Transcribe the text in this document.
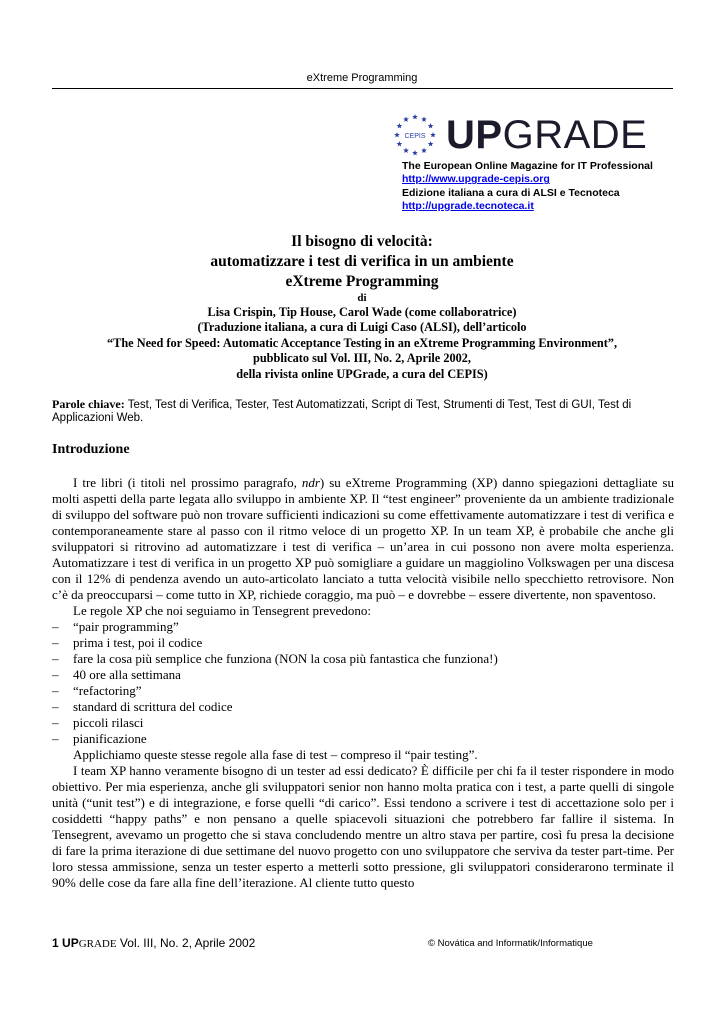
eXtreme Programming
CEPIS UPGRADE
The European Online Magazine for IT Professional
http://www.upgrade-cepis.org
Edizione italiana a cura di ALSI e Tecnoteca
http://upgrade.tecnoteca.it
Il bisogno di velocità:
automatizzare i test di verifica in un ambiente
eXtreme Programming
di
Lisa Crispin, Tip House, Carol Wade (come collaboratrice)
(Traduzione italiana, a cura di Luigi Caso (ALSI), dell’articolo
“The Need for Speed: Automatic Acceptance Testing in an eXtreme Programming Environment”,
pubblicato sul Vol. III, No. 2, Aprile 2002,
della rivista online UPGrade, a cura del CEPIS)
Parole chiave: Test, Test di Verifica, Tester, Test Automatizzati, Script di Test, Strumenti di Test, Test di GUI, Test di Applicazioni Web.
Introduzione

I tre libri (i titoli nel prossimo paragrafo, ndr) su eXtreme Programming (XP) danno spiegazioni dettagliate su molti aspetti della parte legata allo sviluppo in ambiente XP. Il “test engineer” proveniente da un ambiente tradizionale di sviluppo del software può non trovare sufficienti indicazioni su come effettivamente automatizzare i test di verifica e contemporaneamente stare al passo con il ritmo veloce di un progetto XP. In un team XP, è probabile che anche gli sviluppatori si ritrovino ad automatizzare i test di verifica – un’area in cui possono non avere molta esperienza. Automatizzare i test di verifica in un progetto XP può somigliare a guidare un maggiolino Volkswagen per una discesa con il 12% di pendenza avendo un auto-articolato lanciato a tutta velocità visibile nello specchietto retrovisore. Non c’è da preoccuparsi – come tutto in XP, richiede coraggio, ma può – e dovrebbe – essere divertente, non spaventoso.

Le regole XP che noi seguiamo in Tensegrent prevedono:

– “pair programming”
– prima i test, poi il codice
– fare la cosa più semplice che funziona (NON la cosa più fantastica che funziona!)
– 40 ore alla settimana
– “refactoring”
– standard di scrittura del codice
– piccoli rilasci
– pianificazione

Applichiamo queste stesse regole alla fase di test – compreso il “pair testing”.

I team XP hanno veramente bisogno di un tester ad essi dedicato? È difficile per chi fa il tester rispondere in modo obiettivo. Per mia esperienza, anche gli sviluppatori senior non hanno molta pratica con i test, a parte quelli di singole unità (“unit test”) e di integrazione, e forse quelli “di carico”. Essi tendono a scrivere i test di accettazione solo per i cosiddetti “happy paths” e non pensano a quelle spiacevoli situazioni che potrebbero far fallire il sistema. In Tensegrent, avevamo un progetto che si stava concludendo mentre un altro stava per partire, così fu presa la decisione di fare la prima iterazione di due settimane del nuovo progetto con uno sviluppatore che serviva da tester part-time. Per loro stessa ammissione, senza un tester esperto a metterli sotto pressione, gli sviluppatori considerarono terminate il 90% delle cose da fare alla fine dell’iterazione. Al cliente tutto questo

1 UPGRADE Vol. III, No. 2, Aprile 2002	© Novática and Informatik/Informatique
